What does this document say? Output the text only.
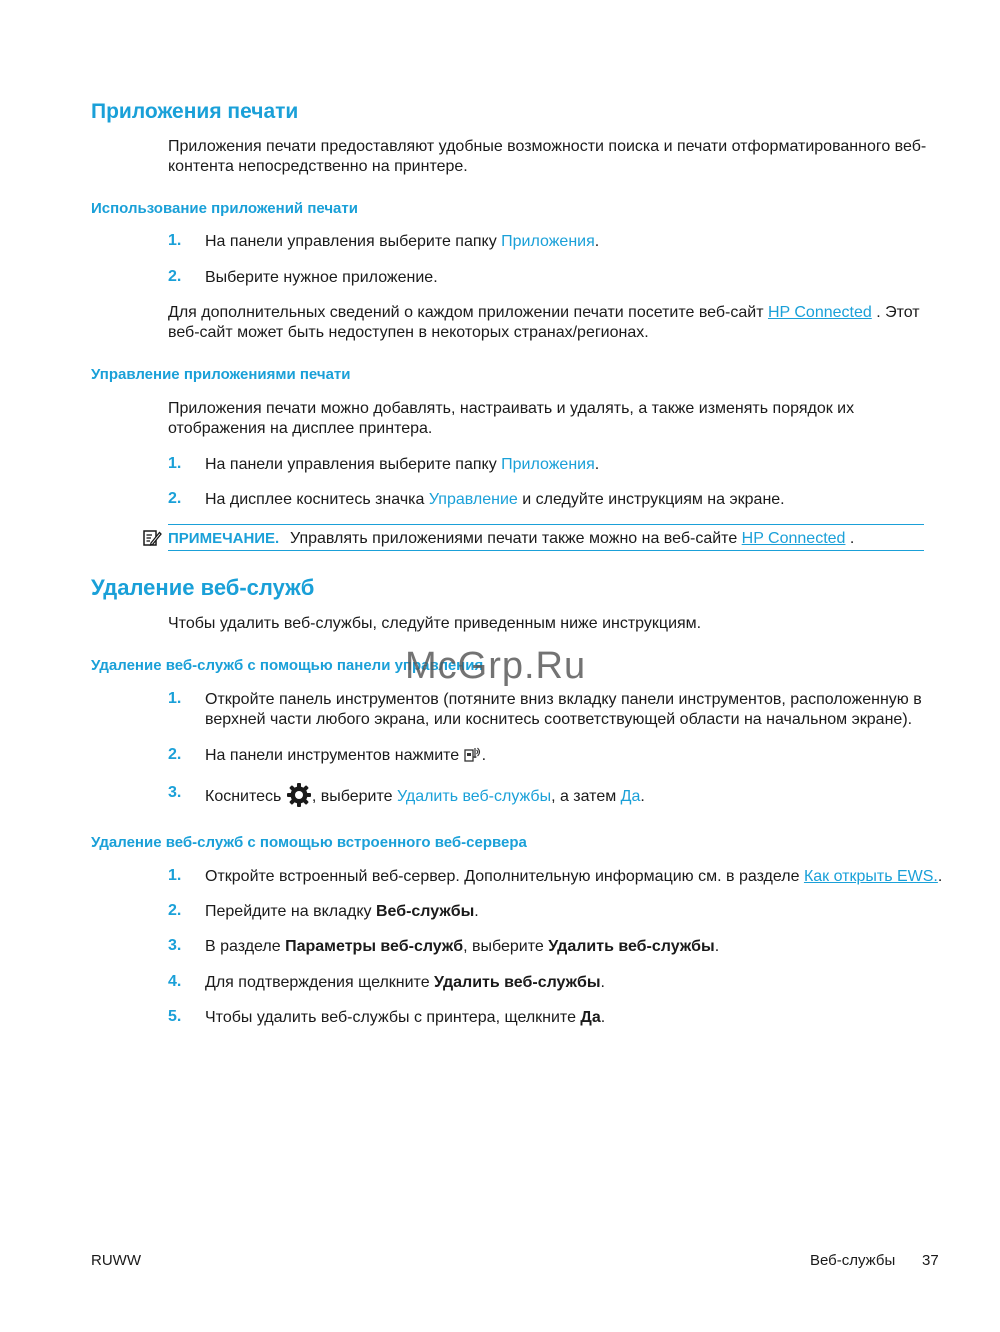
Приложения печати
Приложения печати предоставляют удобные возможности поиска и печати отформатированного веб-
контента непосредственно на принтере.
Использование приложений печати
1. На панели управления выберите папку Приложения.
2. Выберите нужное приложение.
Для дополнительных сведений о каждом приложении печати посетите веб-сайт HP Connected . Этот
веб-сайт может быть недоступен в некоторых странах/регионах.
Управление приложениями печати
Приложения печати можно добавлять, настраивать и удалять, а также изменять порядок их
отображения на дисплее принтера.
1. На панели управления выберите папку Приложения.
2. На дисплее коснитесь значка Управление и следуйте инструкциям на экране.
ПРИМЕЧАНИЕ. Управлять приложениями печати также можно на веб-сайте HP Connected .
Удаление веб-служб
Чтобы удалить веб-службы, следуйте приведенным ниже инструкциям.
Удаление веб-служб с помощью панели управления
McGrp.Ru
1. Откройте панель инструментов (потяните вниз вкладку панели инструментов, расположенную в
верхней части любого экрана, или коснитесь соответствующей области на начальном экране).
2. На панели инструментов нажмите .
3. Коснитесь , выберите Удалить веб-службы, а затем Да.
Удаление веб-служб с помощью встроенного веб-сервера
1. Откройте встроенный веб-сервер. Дополнительную информацию см. в разделе Как открыть EWS..
2. Перейдите на вкладку Веб-службы.
3. В разделе Параметры веб-служб, выберите Удалить веб-службы.
4. Для подтверждения щелкните Удалить веб-службы.
5. Чтобы удалить веб-службы с принтера, щелкните Да.
RUWW	Веб-службы 37
